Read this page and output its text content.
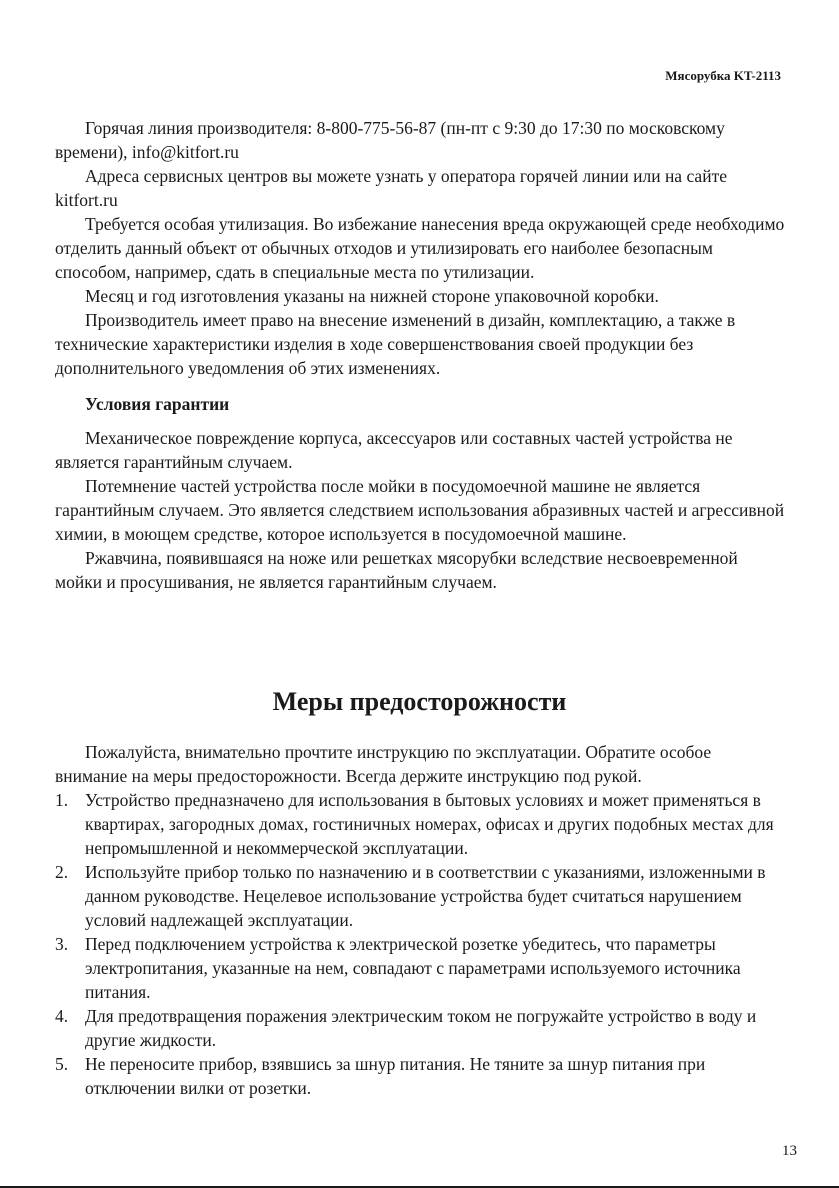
Мясорубка KT-2113

Горячая линия производителя: 8-800-775-56-87 (пн-пт с 9:30 до 17:30 по московскому времени), info@kitfort.ru

Адреса сервисных центров вы можете узнать у оператора горячей линии или на сайте kitfort.ru

Требуется особая утилизация. Во избежание нанесения вреда окружающей среде необходимо отделить данный объект от обычных отходов и утилизировать его наиболее безопасным способом, например, сдать в специальные места по утилизации.

Месяц и год изготовления указаны на нижней стороне упаковочной коробки.

Производитель имеет право на внесение изменений в дизайн, комплектацию, а также в технические характеристики изделия в ходе совершенствования своей продукции без дополнительного уведомления об этих изменениях.

Условия гарантии

Механическое повреждение корпуса, аксессуаров или составных частей устройства не является гарантийным случаем.

Потемнение частей устройства после мойки в посудомоечной машине не является гарантийным случаем. Это является следствием использования абразивных частей и агрессивной химии, в моющем средстве, которое используется в посудомоечной машине.

Ржавчина, появившаяся на ноже или решетках мясорубки вследствие несвоевременной мойки и просушивания, не является гарантийным случаем.

Меры предосторожности

Пожалуйста, внимательно прочтите инструкцию по эксплуатации. Обратите особое внимание на меры предосторожности. Всегда держите инструкцию под рукой.

1. Устройство предназначено для использования в бытовых условиях и может применяться в квартирах, загородных домах, гостиничных номерах, офисах и других подобных местах для непромышленной и некоммерческой эксплуатации.
2. Используйте прибор только по назначению и в соответствии с указаниями, изложенными в данном руководстве. Нецелевое использование устройства будет считаться нарушением условий надлежащей эксплуатации.
3. Перед подключением устройства к электрической розетке убедитесь, что параметры электропитания, указанные на нем, совпадают с параметрами используемого источника питания.
4. Для предотвращения поражения электрическим током не погружайте устройство в воду и другие жидкости.
5. Не переносите прибор, взявшись за шнур питания. Не тяните за шнур питания при отключении вилки от розетки.
13
